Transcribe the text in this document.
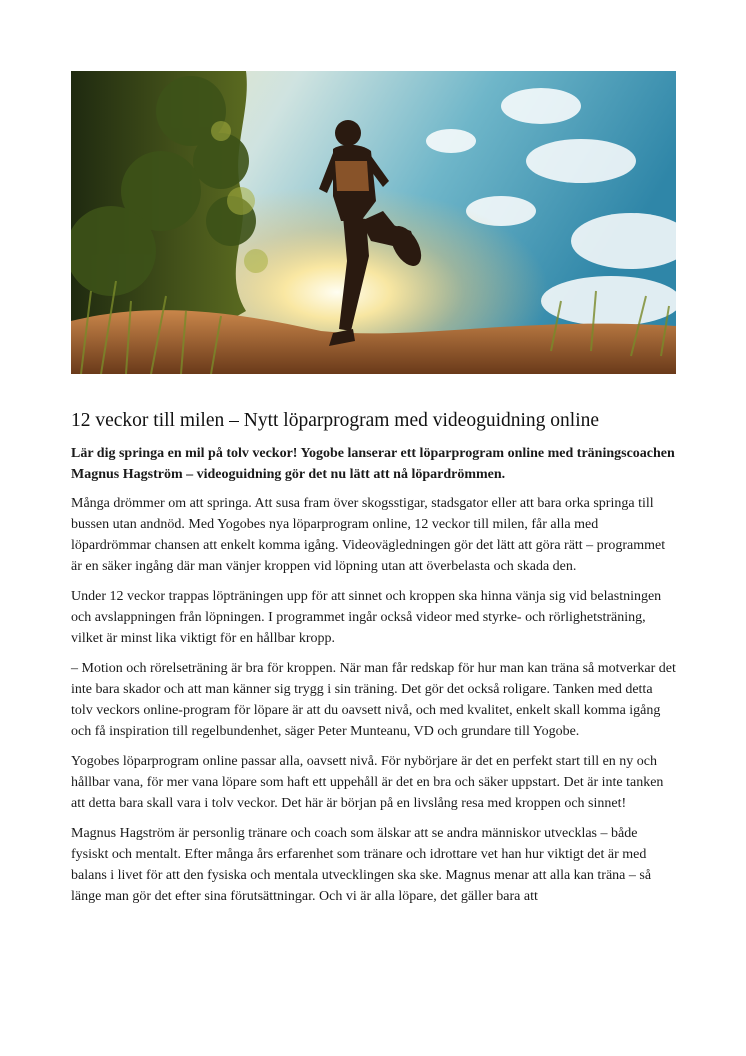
12 veckor till milen – Nytt löparprogram med videoguidning online

Lär dig springa en mil på tolv veckor! Yogobe lanserar ett löparprogram online med träningscoachen Magnus Hagström – videoguidning gör det nu lätt att nå löpardrömmen.

Många drömmer om att springa. Att susa fram över skogsstigar, stadsgator eller att bara orka springa till bussen utan andnöd. Med Yogobes nya löparprogram online, 12 veckor till milen, får alla med löpardrömmar chansen att enkelt komma igång. Videovägledningen gör det lätt att göra rätt – programmet är en säker ingång där man vänjer kroppen vid löpning utan att överbelasta och skada den.

Under 12 veckor trappas löpträningen upp för att sinnet och kroppen ska hinna vänja sig vid belastningen och avslappningen från löpningen. I programmet ingår också videor med styrke- och rörlighetsträning, vilket är minst lika viktigt för en hållbar kropp.

– Motion och rörelseträning är bra för kroppen. När man får redskap för hur man kan träna så motverkar det inte bara skador och att man känner sig trygg i sin träning. Det gör det också roligare. Tanken med detta tolv veckors online-program för löpare är att du oavsett nivå, och med kvalitet, enkelt skall komma igång och få inspiration till regelbundenhet, säger Peter Munteanu, VD och grundare till Yogobe.

Yogobes löparprogram online passar alla, oavsett nivå. För nybörjare är det en perfekt start till en ny och hållbar vana, för mer vana löpare som haft ett uppehåll är det en bra och säker uppstart. Det är inte tanken att detta bara skall vara i tolv veckor. Det här är början på en livslång resa med kroppen och sinnet!

Magnus Hagström är personlig tränare och coach som älskar att se andra människor utvecklas – både fysiskt och mentalt. Efter många års erfarenhet som tränare och idrottare vet han hur viktigt det är med balans i livet för att den fysiska och mentala utvecklingen ska ske. Magnus menar att alla kan träna – så länge man gör det efter sina förutsättningar. Och vi är alla löpare, det gäller bara att
